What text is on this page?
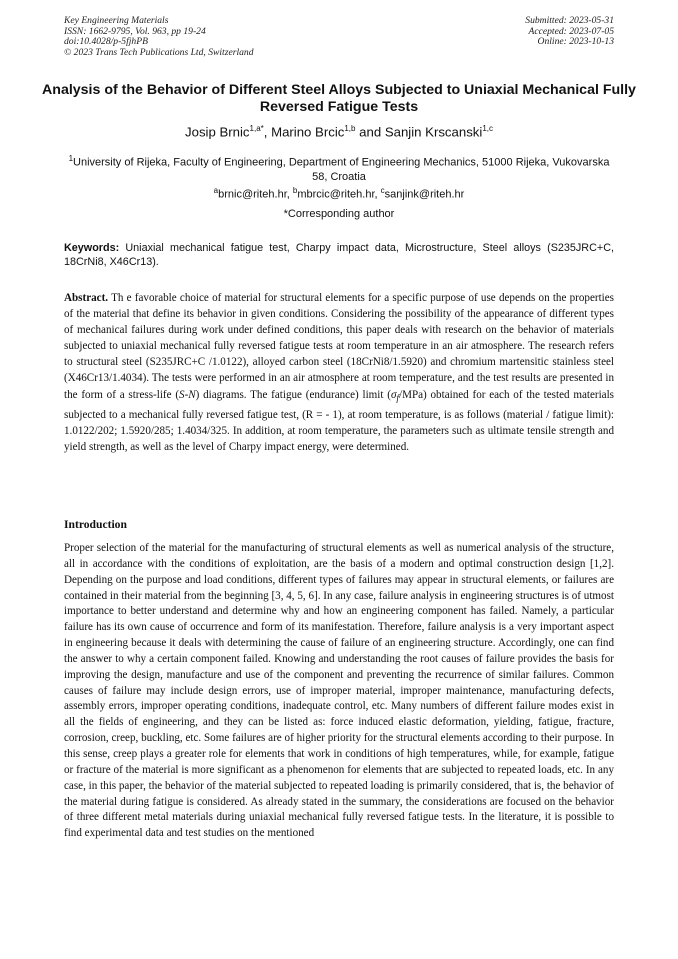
Key Engineering Materials
ISSN: 1662-9795, Vol. 963, pp 19-24
doi:10.4028/p-5fjhPB
© 2023 Trans Tech Publications Ltd, Switzerland
Submitted: 2023-05-31
Accepted: 2023-07-05
Online: 2023-10-13
Analysis of the Behavior of Different Steel Alloys Subjected to Uniaxial Mechanical Fully Reversed Fatigue Tests
Josip Brnic$^{1,a*}$, Marino Brcic$^{1,b}$ and Sanjin Krscanski$^{1,c}$
$^1$University of Rijeka, Faculty of Engineering, Department of Engineering Mechanics, 51000 Rijeka, Vukovarska 58, Croatia
$^a$brnic@riteh.hr, $^b$mbrcic@riteh.hr, $^c$sanjink@riteh.hr
*Corresponding author
Keywords: Uniaxial mechanical fatigue test, Charpy impact data, Microstructure, Steel alloys (S235JRC+C, 18CrNi8, X46Cr13).
Abstract. Th e favorable choice of material for structural elements for a specific purpose of use depends on the properties of the material that define its behavior in given conditions. Considering the possibility of the appearance of different types of mechanical failures during work under defined conditions, this paper deals with research on the behavior of materials subjected to uniaxial mechanical fully reversed fatigue tests at room temperature in an air atmosphere. The research refers to structural steel (S235JRC+C /1.0122), alloyed carbon steel (18CrNi8/1.5920) and chromium martensitic stainless steel (X46Cr13/1.4034). The tests were performed in an air atmosphere at room temperature, and the test results are presented in the form of a stress-life (S-N) diagrams. The fatigue (endurance) limit $(\sigma_f/MPa)$ obtained for each of the tested materials subjected to a mechanical fully reversed fatigue test, (R = - 1), at room temperature, is as follows (material / fatigue limit): 1.0122/202; 1.5920/285; 1.4034/325. In addition, at room temperature, the parameters such as ultimate tensile strength and yield strength, as well as the level of Charpy impact energy, were determined.
Introduction
Proper selection of the material for the manufacturing of structural elements as well as numerical analysis of the structure, all in accordance with the conditions of exploitation, are the basis of a modern and optimal construction design [1,2]. Depending on the purpose and load conditions, different types of failures may appear in structural elements, or failures are contained in their material from the beginning [3, 4, 5, 6]. In any case, failure analysis in engineering structures is of utmost importance to better understand and determine why and how an engineering component has failed. Namely, a particular failure has its own cause of occurrence and form of its manifestation. Therefore, failure analysis is a very important aspect in engineering because it deals with determining the cause of failure of an engineering structure. Accordingly, one can find the answer to why a certain component failed. Knowing and understanding the root causes of failure provides the basis for improving the design, manufacture and use of the component and preventing the recurrence of similar failures. Common causes of failure may include design errors, use of improper material, improper maintenance, manufacturing defects, assembly errors, improper operating conditions, inadequate control, etc. Many numbers of different failure modes exist in all the fields of engineering, and they can be listed as: force induced elastic deformation, yielding, fatigue, fracture, corrosion, creep, buckling, etc. Some failures are of higher priority for the structural elements according to their purpose. In this sense, creep plays a greater role for elements that work in conditions of high temperatures, while, for example, fatigue or fracture of the material is more significant as a phenomenon for elements that are subjected to repeated loads, etc. In any case, in this paper, the behavior of the material subjected to repeated loading is primarily considered, that is, the behavior of the material during fatigue is considered. As already stated in the summary, the considerations are focused on the behavior of three different metal materials during uniaxial mechanical fully reversed fatigue tests. In the literature, it is possible to find experimental data and test studies on the mentioned
